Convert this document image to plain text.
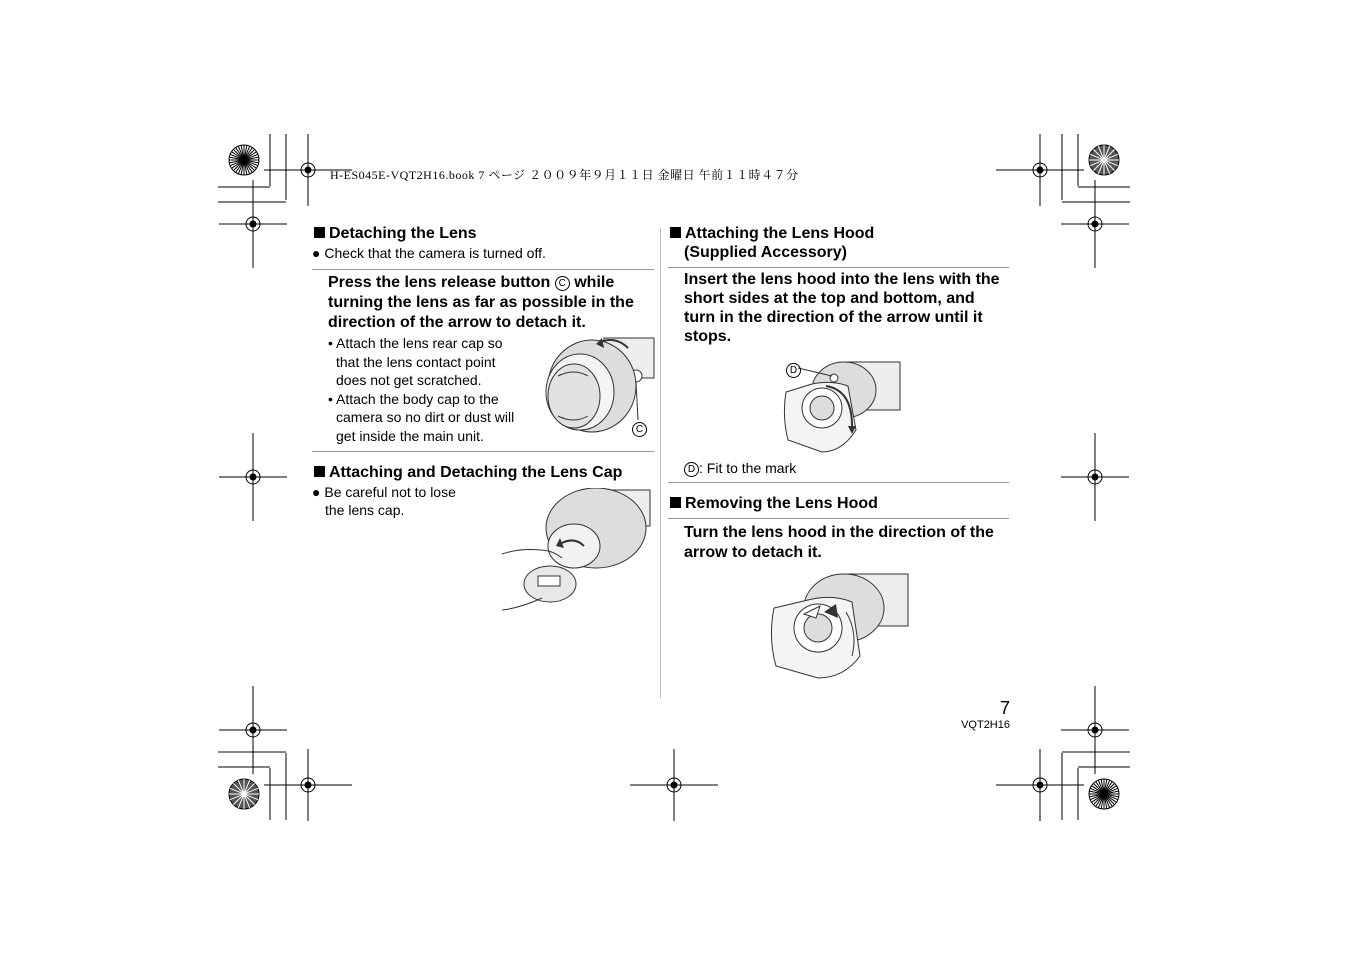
H-ES045E-VQT2H16.book 7 ページ ２００９年９月１１日 金曜日 午前１１時４７分
Detaching the Lens
● Check that the camera is turned off.
Press the lens release button C while
turning the lens as far as possible in the
direction of the arrow to detach it.
• Attach the lens rear cap so
that the lens contact point
does not get scratched.
• Attach the body cap to the
camera so no dirt or dust will
get inside the main unit.	C
Attaching and Detaching the Lens Cap
● Be careful not to lose
the lens cap.
Attaching the Lens Hood
(Supplied Accessory)
Insert the lens hood into the lens with the
short sides at the top and bottom, and
turn in the direction of the arrow until it
stops.
D
D : Fit to the mark
Removing the Lens Hood
Turn the lens hood in the direction of the
arrow to detach it.
7
VQT2H16
